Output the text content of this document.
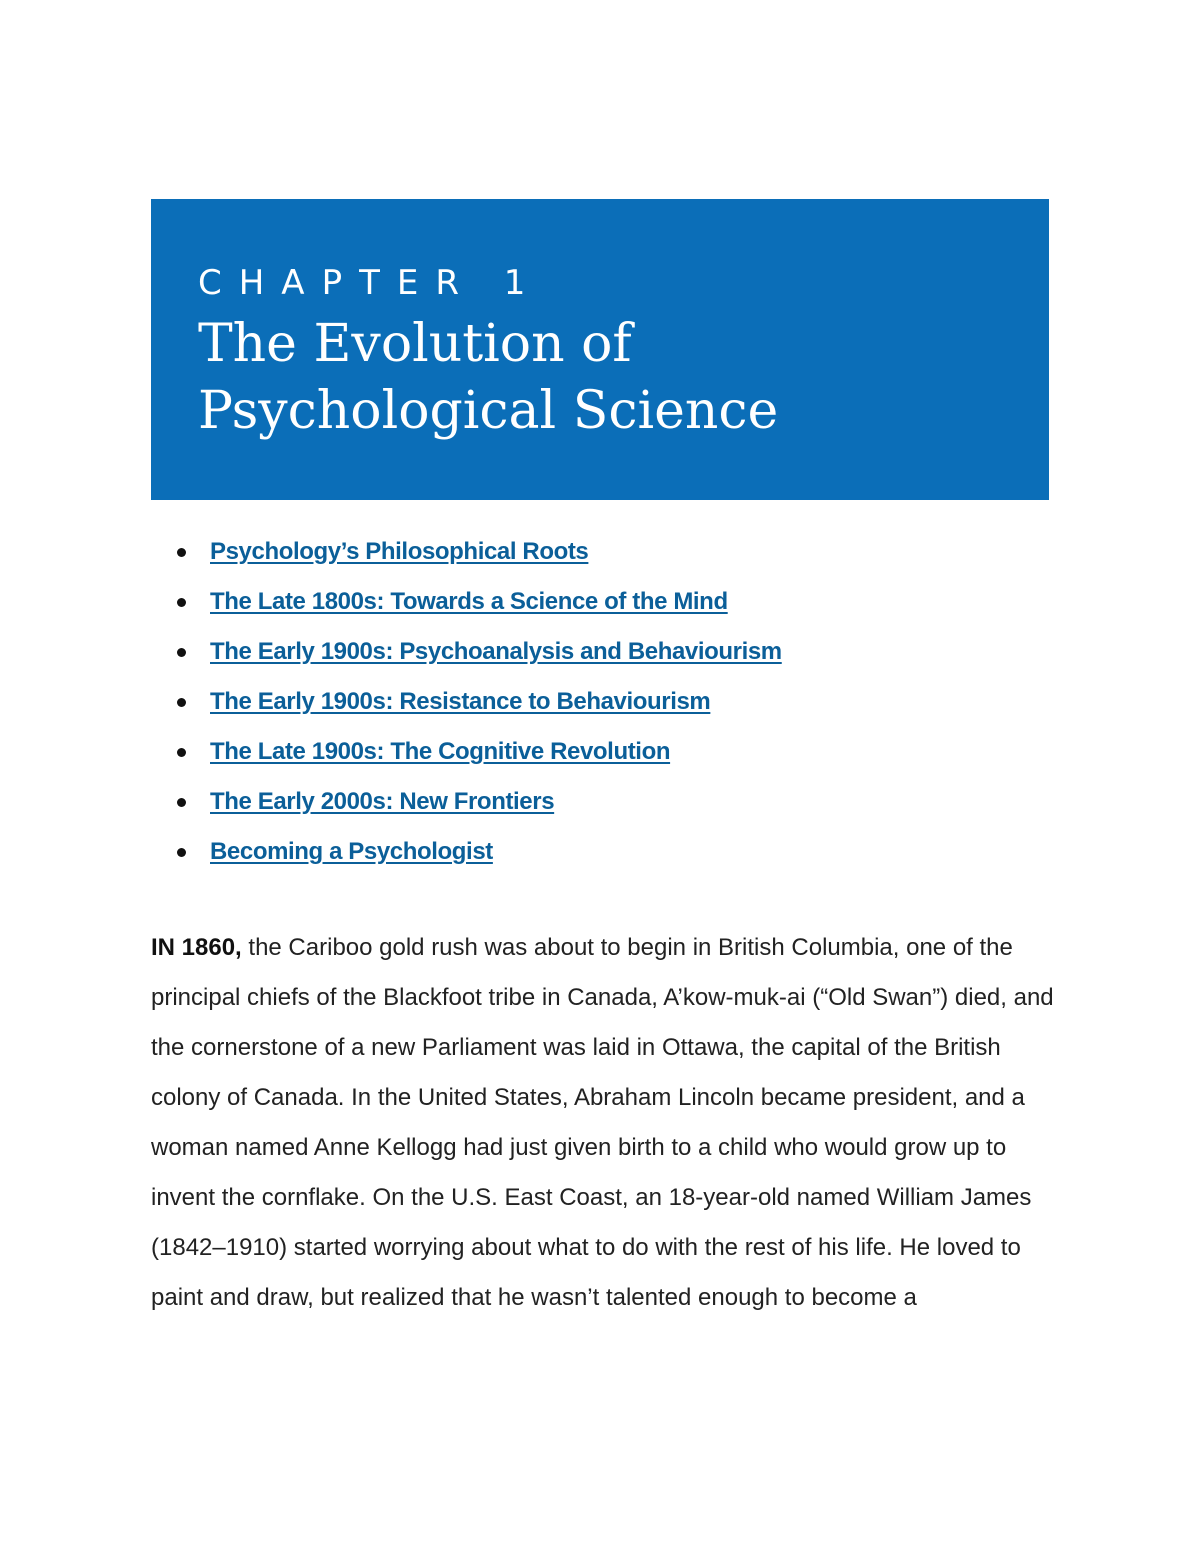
CHAPTER 1
The Evolution of
Psychological Science
Psychology’s Philosophical Roots
The Late 1800s: Towards a Science of the Mind
The Early 1900s: Psychoanalysis and Behaviourism
The Early 1900s: Resistance to Behaviourism
The Late 1900s: The Cognitive Revolution
The Early 2000s: New Frontiers
Becoming a Psychologist

IN 1860, the Cariboo gold rush was about to begin in British Columbia, one of the principal chiefs of the Blackfoot tribe in Canada, A’kow-muk-ai (“Old Swan”) died, and the cornerstone of a new Parliament was laid in Ottawa, the capital of the British colony of Canada. In the United States, Abraham Lincoln became president, and a woman named Anne Kellogg had just given birth to a child who would grow up to invent the cornflake. On the U.S. East Coast, an 18-year-old named William James (1842–1910) started worrying about what to do with the rest of his life. He loved to paint and draw, but realized that he wasn’t talented enough to become a
